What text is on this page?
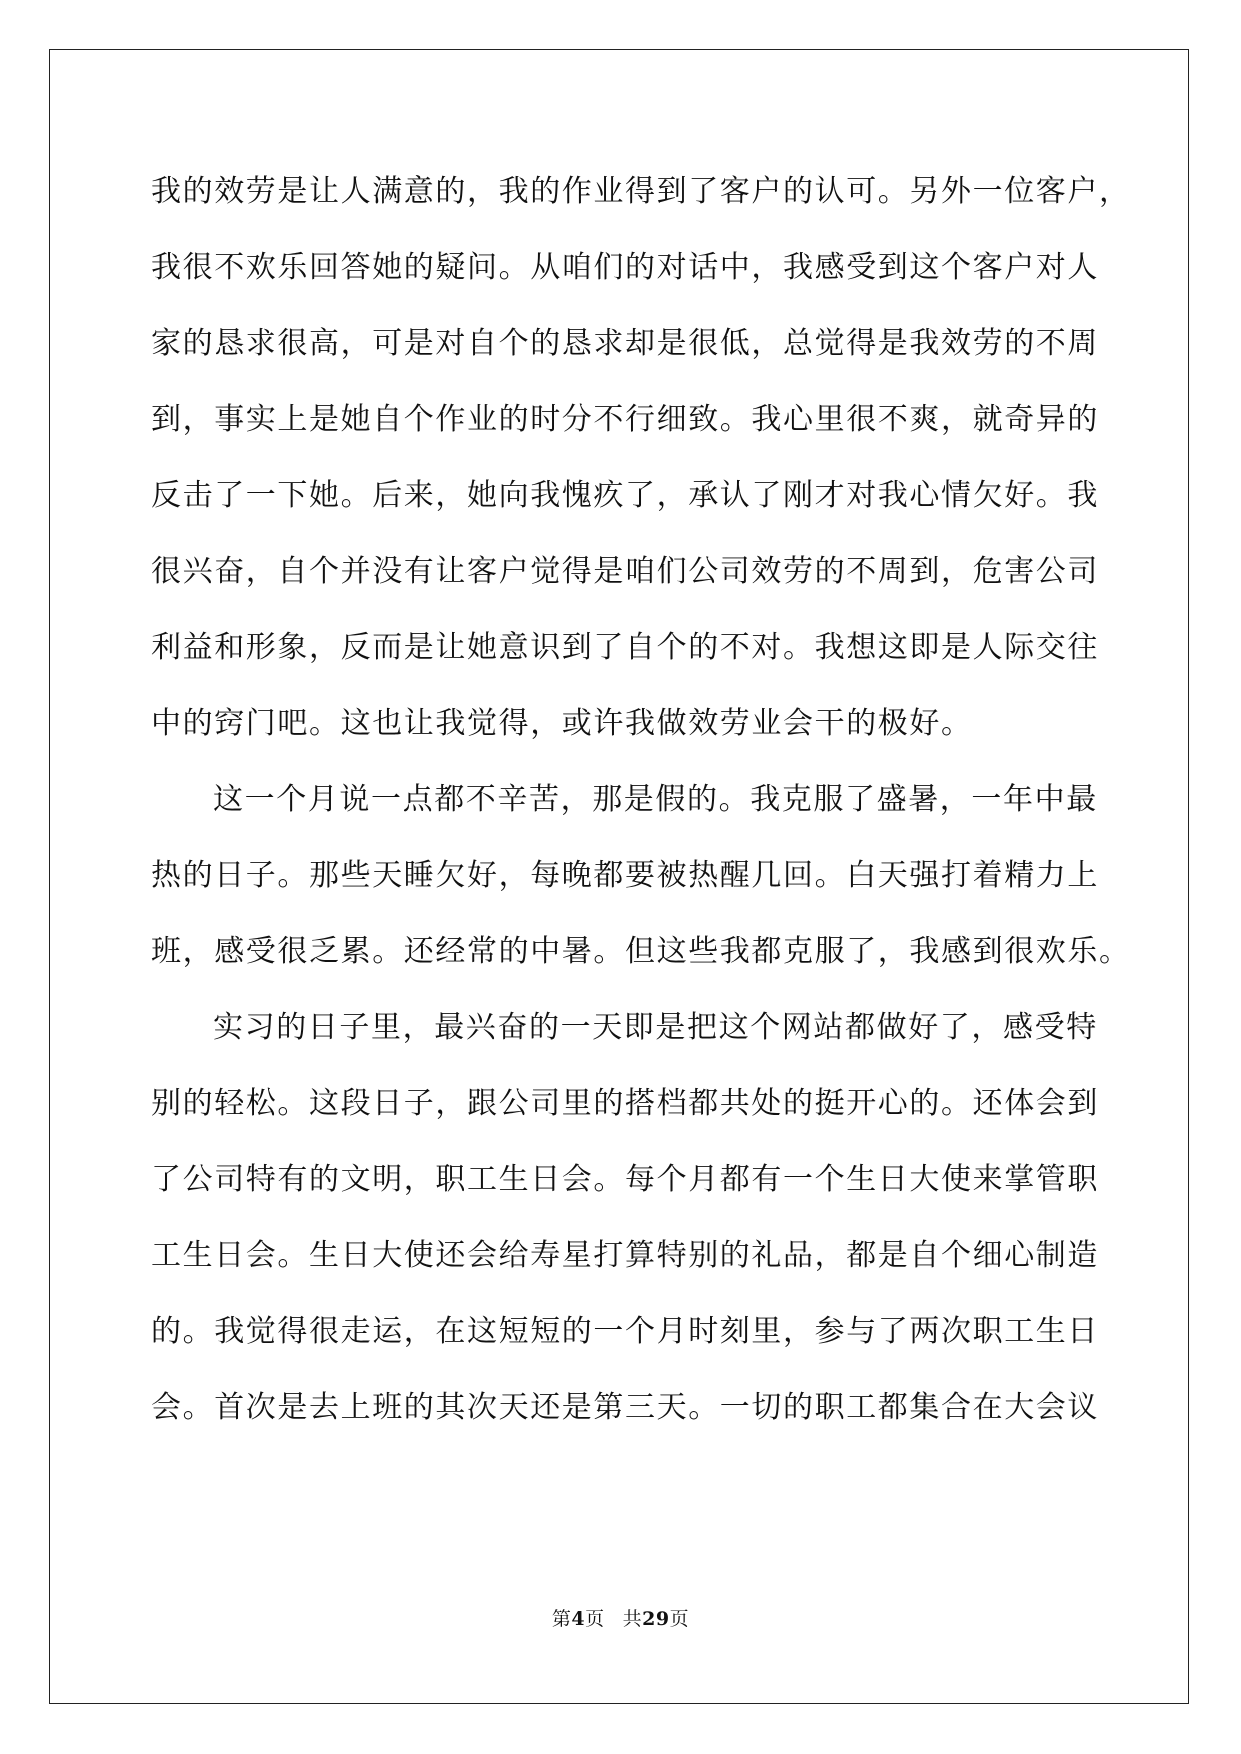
我的效劳是让人满意的，我的作业得到了客户的认可。另外一位客户，
我很不欢乐回答她的疑问。从咱们的对话中，我感受到这个客户对人
家的恳求很高，可是对自个的恳求却是很低，总觉得是我效劳的不周
到，事实上是她自个作业的时分不行细致。我心里很不爽，就奇异的
反击了一下她。后来，她向我愧疚了，承认了刚才对我心情欠好。我
很兴奋，自个并没有让客户觉得是咱们公司效劳的不周到，危害公司
利益和形象，反而是让她意识到了自个的不对。我想这即是人际交往
中的窍门吧。这也让我觉得，或许我做效劳业会干的极好。
这一个月说一点都不辛苦，那是假的。我克服了盛暑，一年中最
热的日子。那些天睡欠好，每晚都要被热醒几回。白天强打着精力上
班，感受很乏累。还经常的中暑。但这些我都克服了，我感到很欢乐。
实习的日子里，最兴奋的一天即是把这个网站都做好了，感受特
别的轻松。这段日子，跟公司里的搭档都共处的挺开心的。还体会到
了公司特有的文明，职工生日会。每个月都有一个生日大使来掌管职
工生日会。生日大使还会给寿星打算特别的礼品，都是自个细心制造
的。我觉得很走运，在这短短的一个月时刻里，参与了两次职工生日
会。首次是去上班的其次天还是第三天。一切的职工都集合在大会议
第4页 共29页
